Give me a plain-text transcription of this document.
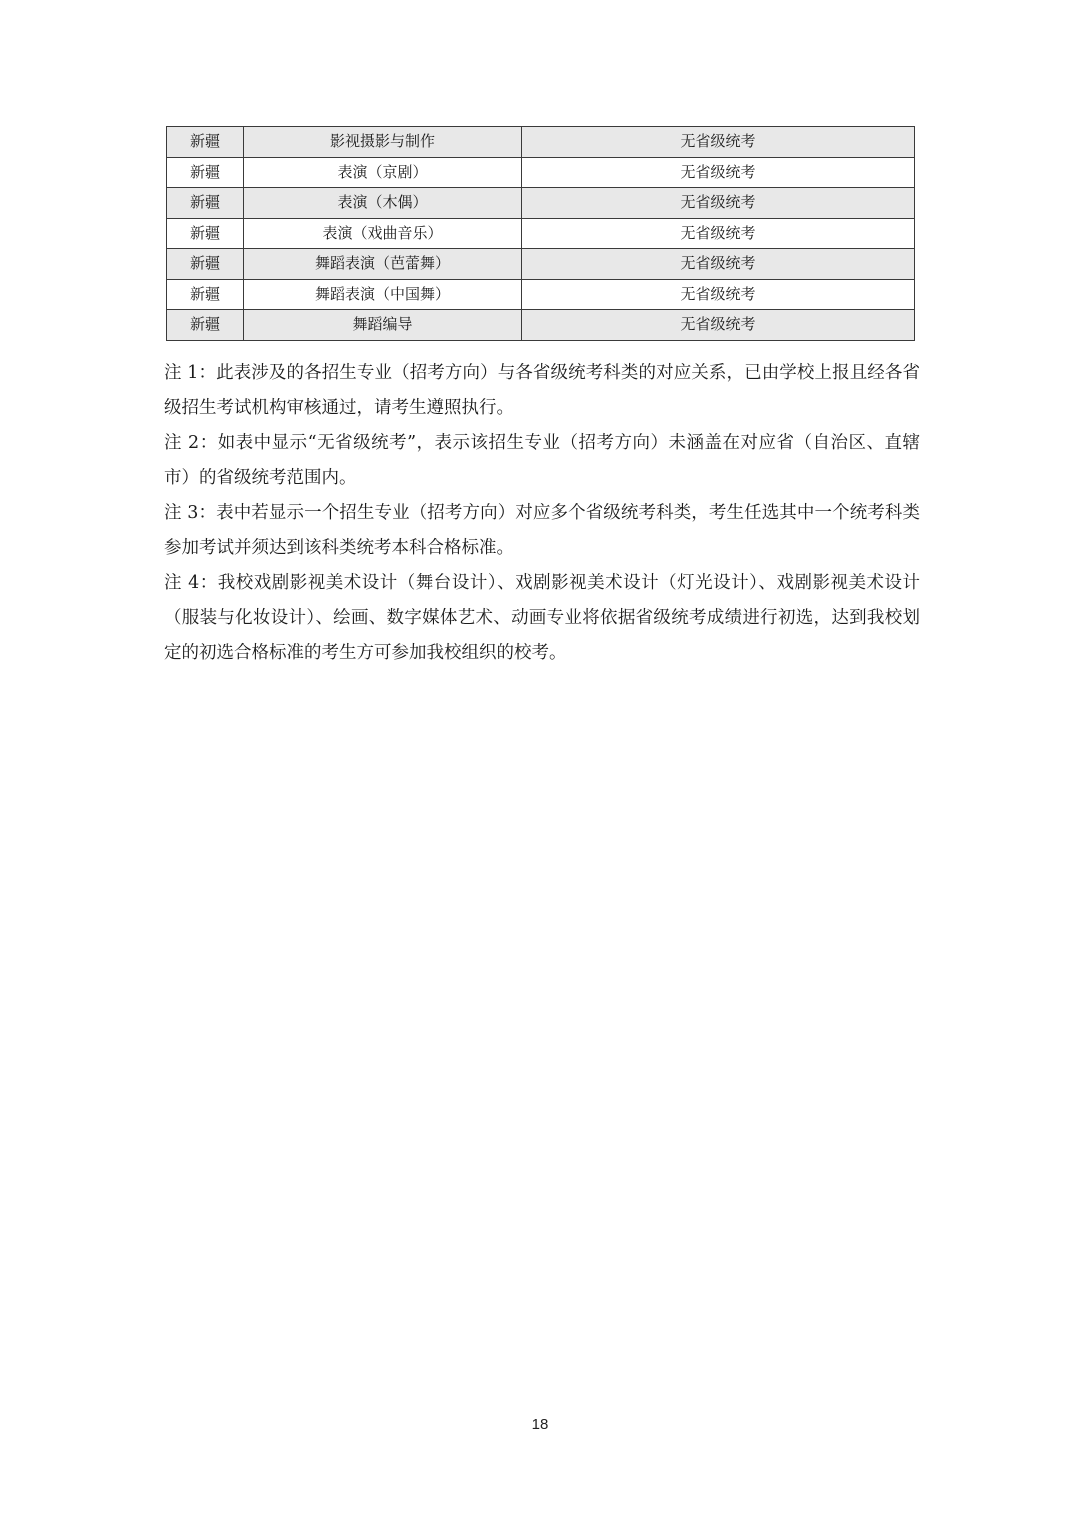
新疆	影视摄影与制作	无省级统考
新疆	表演（京剧）	无省级统考
新疆	表演（木偶）	无省级统考
新疆	表演（戏曲音乐）	无省级统考
新疆	舞蹈表演（芭蕾舞）	无省级统考
新疆	舞蹈表演（中国舞）	无省级统考
新疆	舞蹈编导	无省级统考

注 1：此表涉及的各招生专业（招考方向）与各省级统考科类的对应关系，已由学校上报且经各省级招生考试机构审核通过，请考生遵照执行。

注 2：如表中显示“无省级统考”，表示该招生专业（招考方向）未涵盖在对应省（自治区、直辖市）的省级统考范围内。

注 3：表中若显示一个招生专业（招考方向）对应多个省级统考科类，考生任选其中一个统考科类参加考试并须达到该科类统考本科合格标准。

注 4：我校戏剧影视美术设计（舞台设计）、戏剧影视美术设计（灯光设计）、戏剧影视美术设计（服装与化妆设计）、绘画、数字媒体艺术、动画专业将依据省级统考成绩进行初选，达到我校划定的初选合格标准的考生方可参加我校组织的校考。

18
